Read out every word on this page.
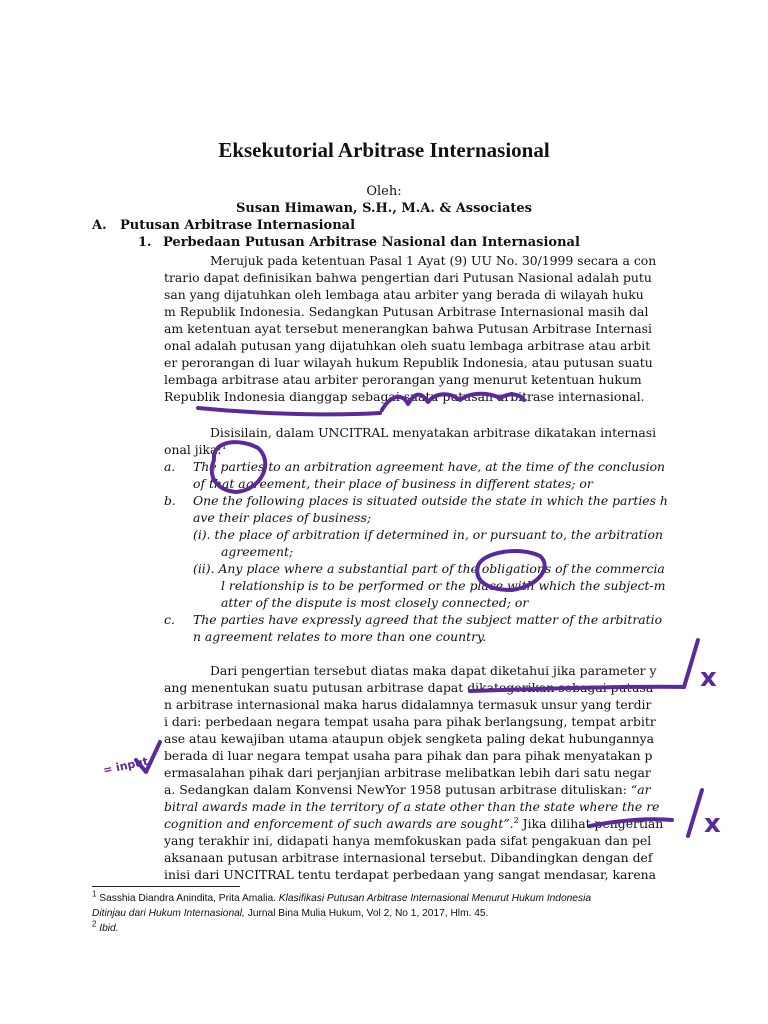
Eksekutorial Arbitrase Internasional
Oleh:
Susan Himawan, S.H., M.A. & Associates
A. Putusan Arbitrase Internasional
1. Perbedaan Putusan Arbitrase Nasional dan Internasional
Merujuk pada ketentuan Pasal 1 Ayat (9) UU No. 30/1999 secara a con
trario dapat definisikan bahwa pengertian dari Putusan Nasional adalah putu
san yang dijatuhkan oleh lembaga atau arbiter yang berada di wilayah huku
m Republik Indonesia. Sedangkan Putusan Arbitrase Internasional masih dal
am ketentuan ayat tersebut menerangkan bahwa Putusan Arbitrase Internasi
onal adalah putusan yang dijatuhkan oleh suatu lembaga arbitrase atau arbit
er perorangan di luar wilayah hukum Republik Indonesia, atau putusan suatu
lembaga arbitrase atau arbiter perorangan yang menurut ketentuan hukum
Republik Indonesia dianggap sebagai suatu putusan arbitrase internasional.
Disisilain, dalam UNCITRAL menyatakan arbitrase dikatakan internasi
onal jika:$^1$
a. The parties to an arbitration agreement have, at the time of the conclusion
of that agreement, their place of business in different states; or
b. One the following places is situated outside the state in which the parties h
ave their places of business;
(i). the place of arbitration if determined in, or pursuant to, the arbitration
agreement;
(ii). Any place where a substantial part of the obligations of the commercia
l relationship is to be performed or the place with which the subject-m
atter of the dispute is most closely connected; or
c. The parties have expressly agreed that the subject matter of the arbitratio
n agreement relates to more than one country.
Dari pengertian tersebut diatas maka dapat diketahui jika parameter y
ang menentukan suatu putusan arbitrase dapat dikategorikan sebagai putusa
n arbitrase internasional maka harus didalamnya termasuk unsur yang terdir
i dari: perbedaan negara tempat usaha para pihak berlangsung, tempat arbitr
ase atau kewajiban utama ataupun objek sengketa paling dekat hubungannya
berada di luar negara tempat usaha para pihak dan para pihak menyatakan p
ermasalahan pihak dari perjanjian arbitrase melibatkan lebih dari satu negar
a. Sedangkan dalam Konvensi NewYor 1958 putusan arbitrase dituliskan: “ar
bitral awards made in the territory of a state other than the state where the re
cognition and enforcement of such awards are sought”.$^2$ Jika dilihat pengertian
yang terakhir ini, didapati hanya memfokuskan pada sifat pengakuan dan pel
aksanaan putusan arbitrase internasional tersebut. Dibandingkan dengan def
inisi dari UNCITRAL tentu terdapat perbedaan yang sangat mendasar, karena
$^1$ Sasshia Diandra Anindita, Prita Amalia. Klasifikasi Putusan Arbitrase Internasional Menurut Hukum Indonesia
Ditinjau dari Hukum Internasional, Jurnal Bina Mulia Hukum, Vol 2, No 1, 2017, Hlm. 45.
$^2$ Ibid.
x
x
= input
